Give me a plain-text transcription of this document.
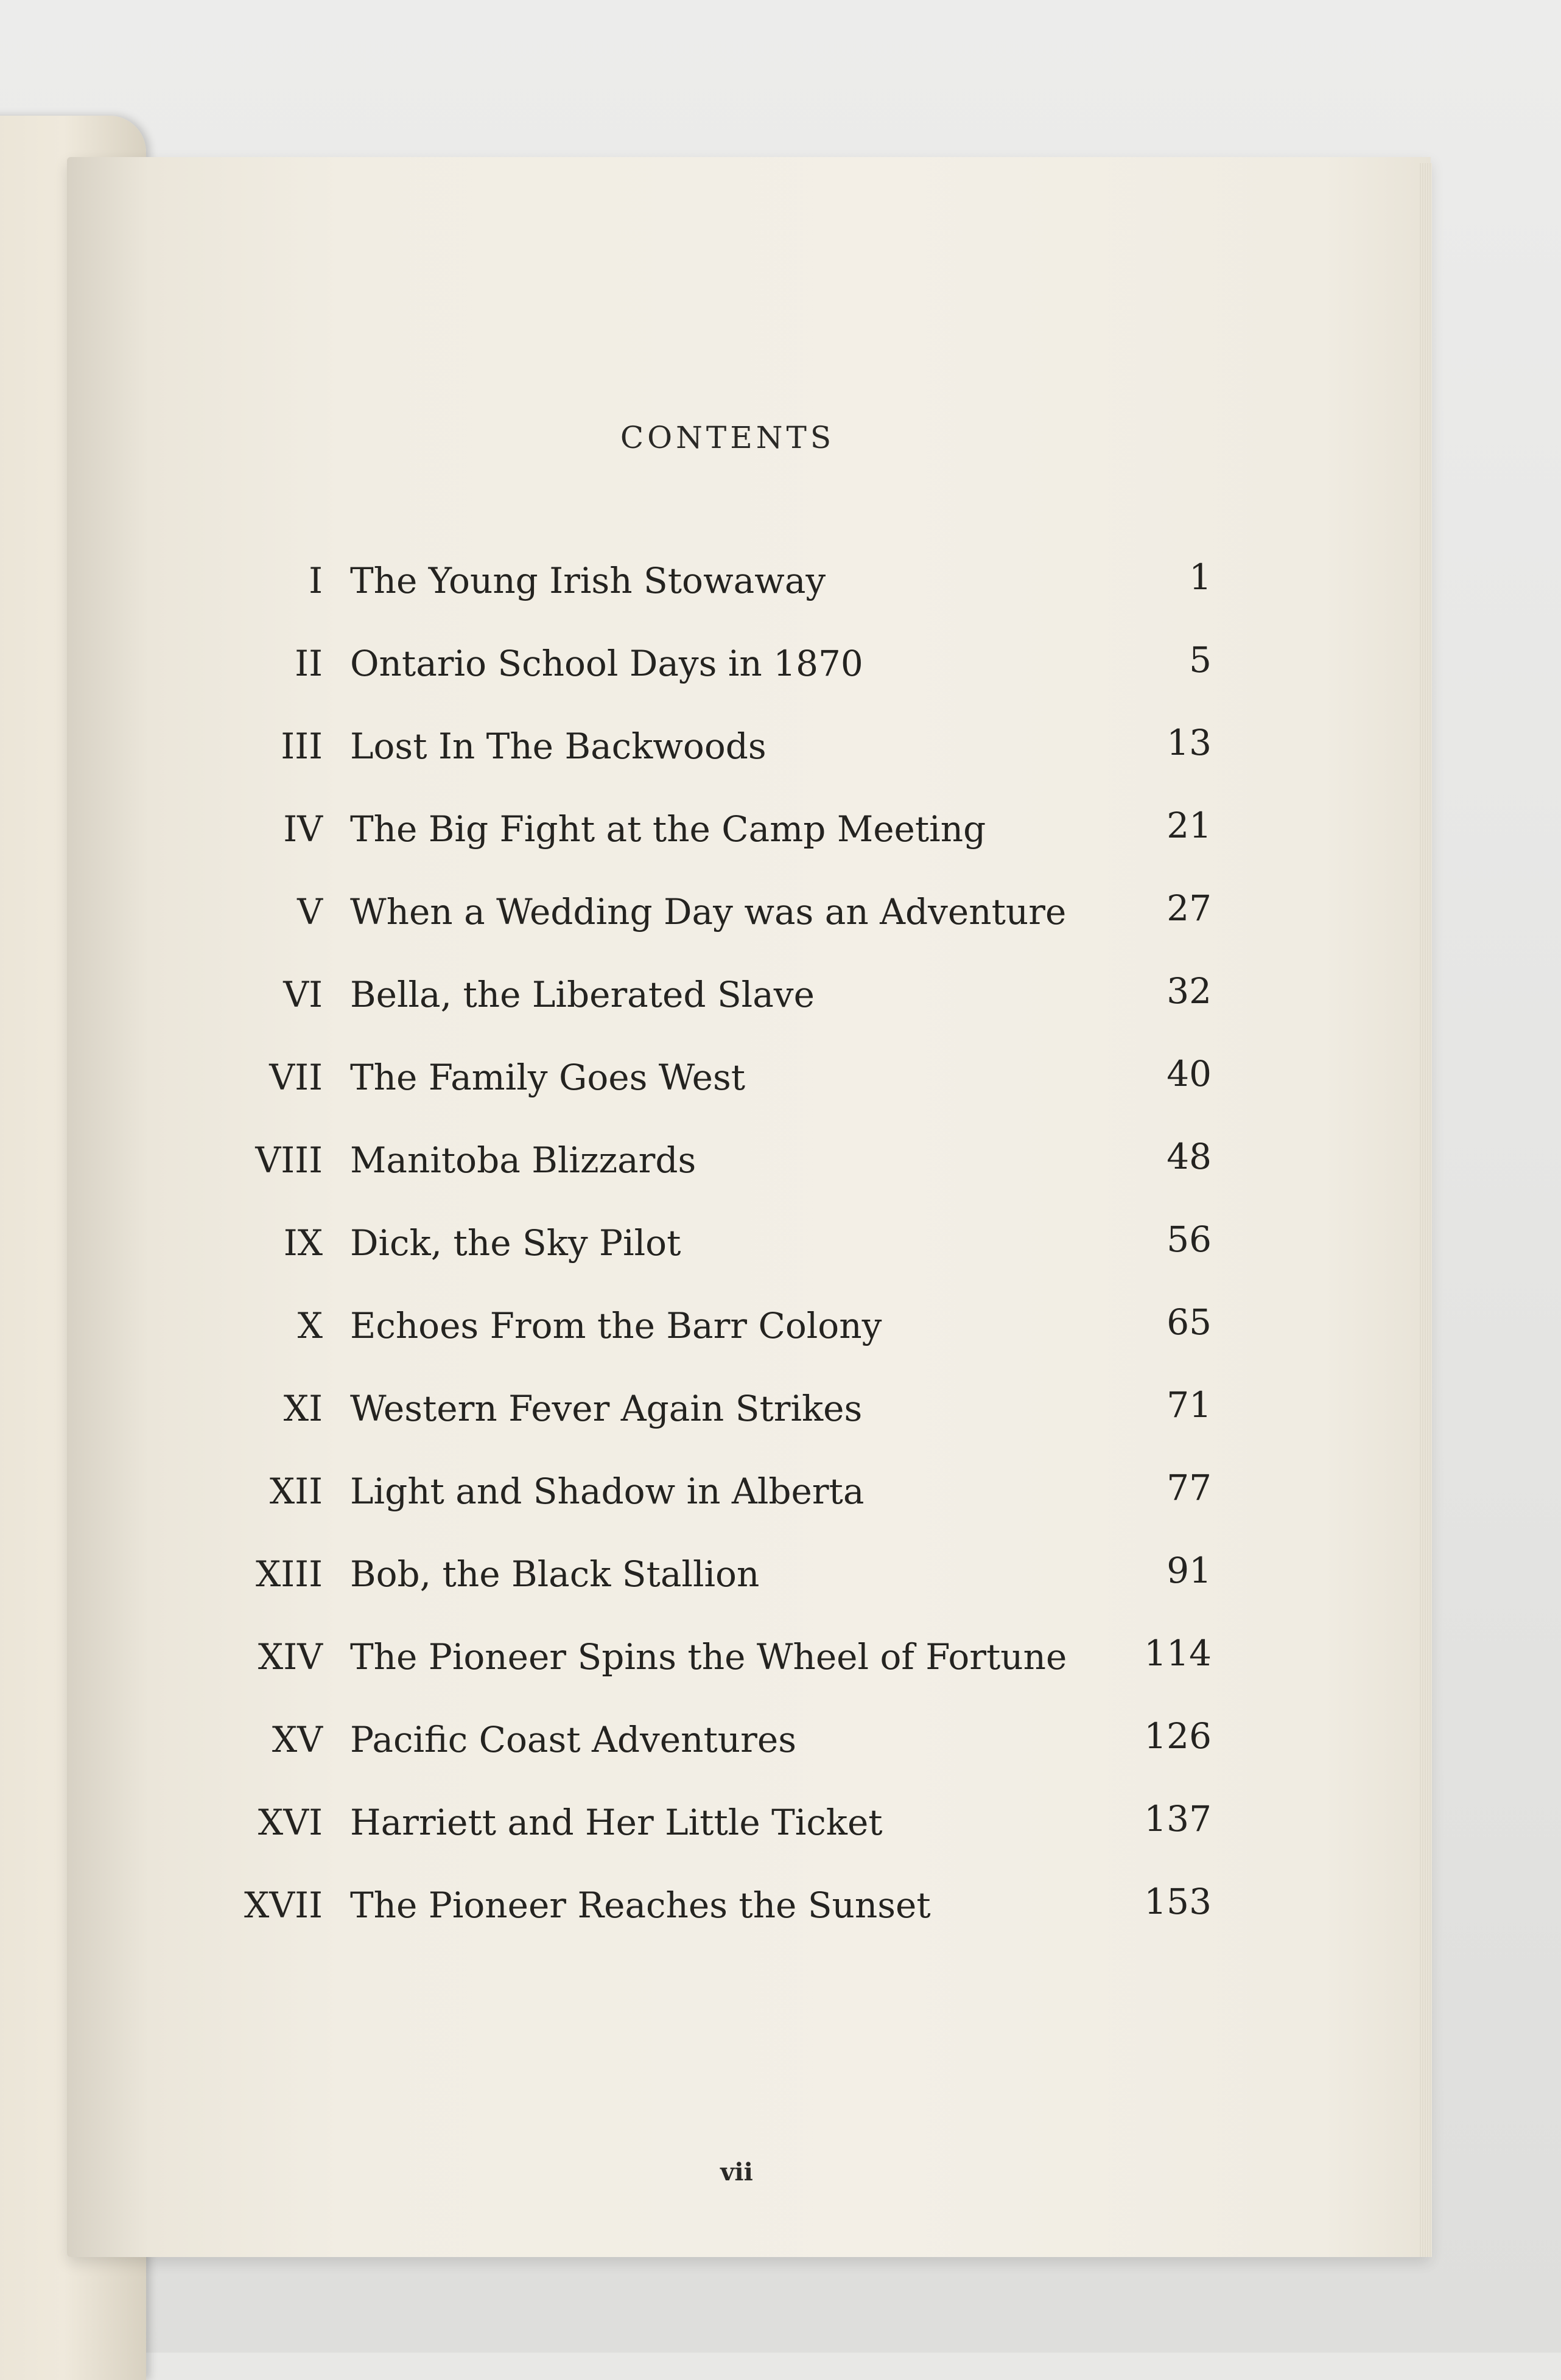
CONTENTS
I The Young Irish Stowaway	1
II Ontario School Days in 1870	5
III Lost In The Backwoods	13
IV The Big Fight at the Camp Meeting	21
V When a Wedding Day was an Adventure	27
VI Bella, the Liberated Slave	32
VII The Family Goes West	40
VIII Manitoba Blizzards	48
IX Dick, the Sky Pilot	56
X Echoes From the Barr Colony	65
XI Western Fever Again Strikes	71
XII Light and Shadow in Alberta	77
XIII Bob, the Black Stallion	91
XIV The Pioneer Spins the Wheel of Fortune	114
XV Pacific Coast Adventures	126
XVI Harriett and Her Little Ticket	137
XVII The Pioneer Reaches the Sunset	153
vii
